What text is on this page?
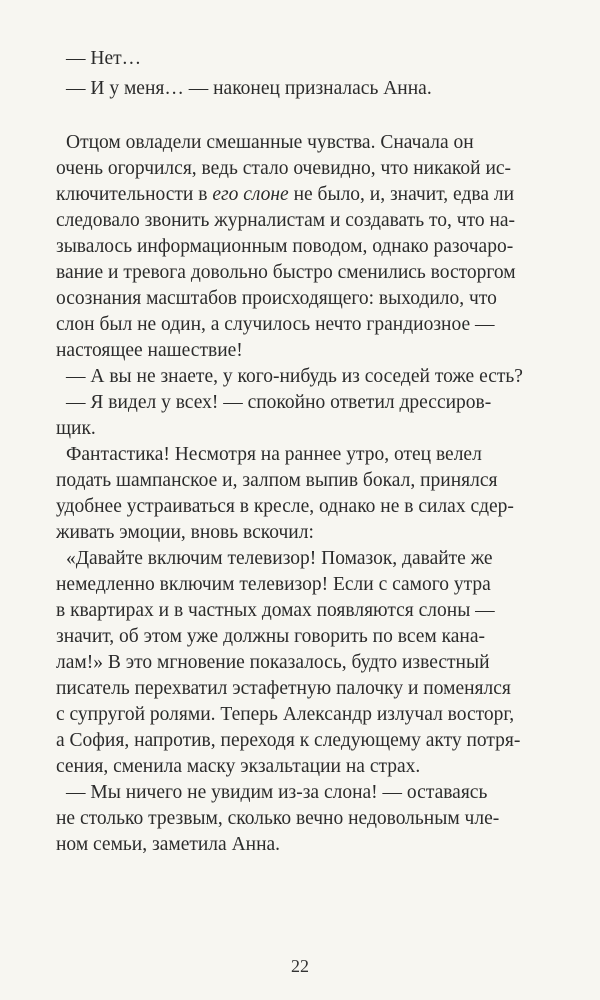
— Нет…
— И у меня… — наконец призналась Анна.
Отцом овладели смешанные чувства. Сначала он
очень огорчился, ведь стало очевидно, что никакой ис-
ключительности в его слоне не было, и, значит, едва ли
следовало звонить журналистам и создавать то, что на-
зывалось информационным поводом, однако разочаро-
вание и тревога довольно быстро сменились восторгом
осознания масштабов происходящего: выходило, что
слон был не один, а случилось нечто грандиозное —
настоящее нашествие!
— А вы не знаете, у кого-нибудь из соседей тоже есть?
— Я видел у всех! — спокойно ответил дрессиров-
щик.
Фантастика! Несмотря на раннее утро, отец велел
подать шампанское и, залпом выпив бокал, принялся
удобнее устраиваться в кресле, однако не в силах сдер-
живать эмоции, вновь вскочил:
«Давайте включим телевизор! Помазок, давайте же
немедленно включим телевизор! Если с самого утра
в квартирах и в частных домах появляются слоны —
значит, об этом уже должны говорить по всем кана-
лам!» В это мгновение показалось, будто известный
писатель перехватил эстафетную палочку и поменялся
с супругой ролями. Теперь Александр излучал восторг,
а София, напротив, переходя к следующему акту потря-
сения, сменила маску экзальтации на страх.
— Мы ничего не увидим из-за слона! — оставаясь
не столько трезвым, сколько вечно недовольным чле-
ном семьи, заметила Анна.
22
